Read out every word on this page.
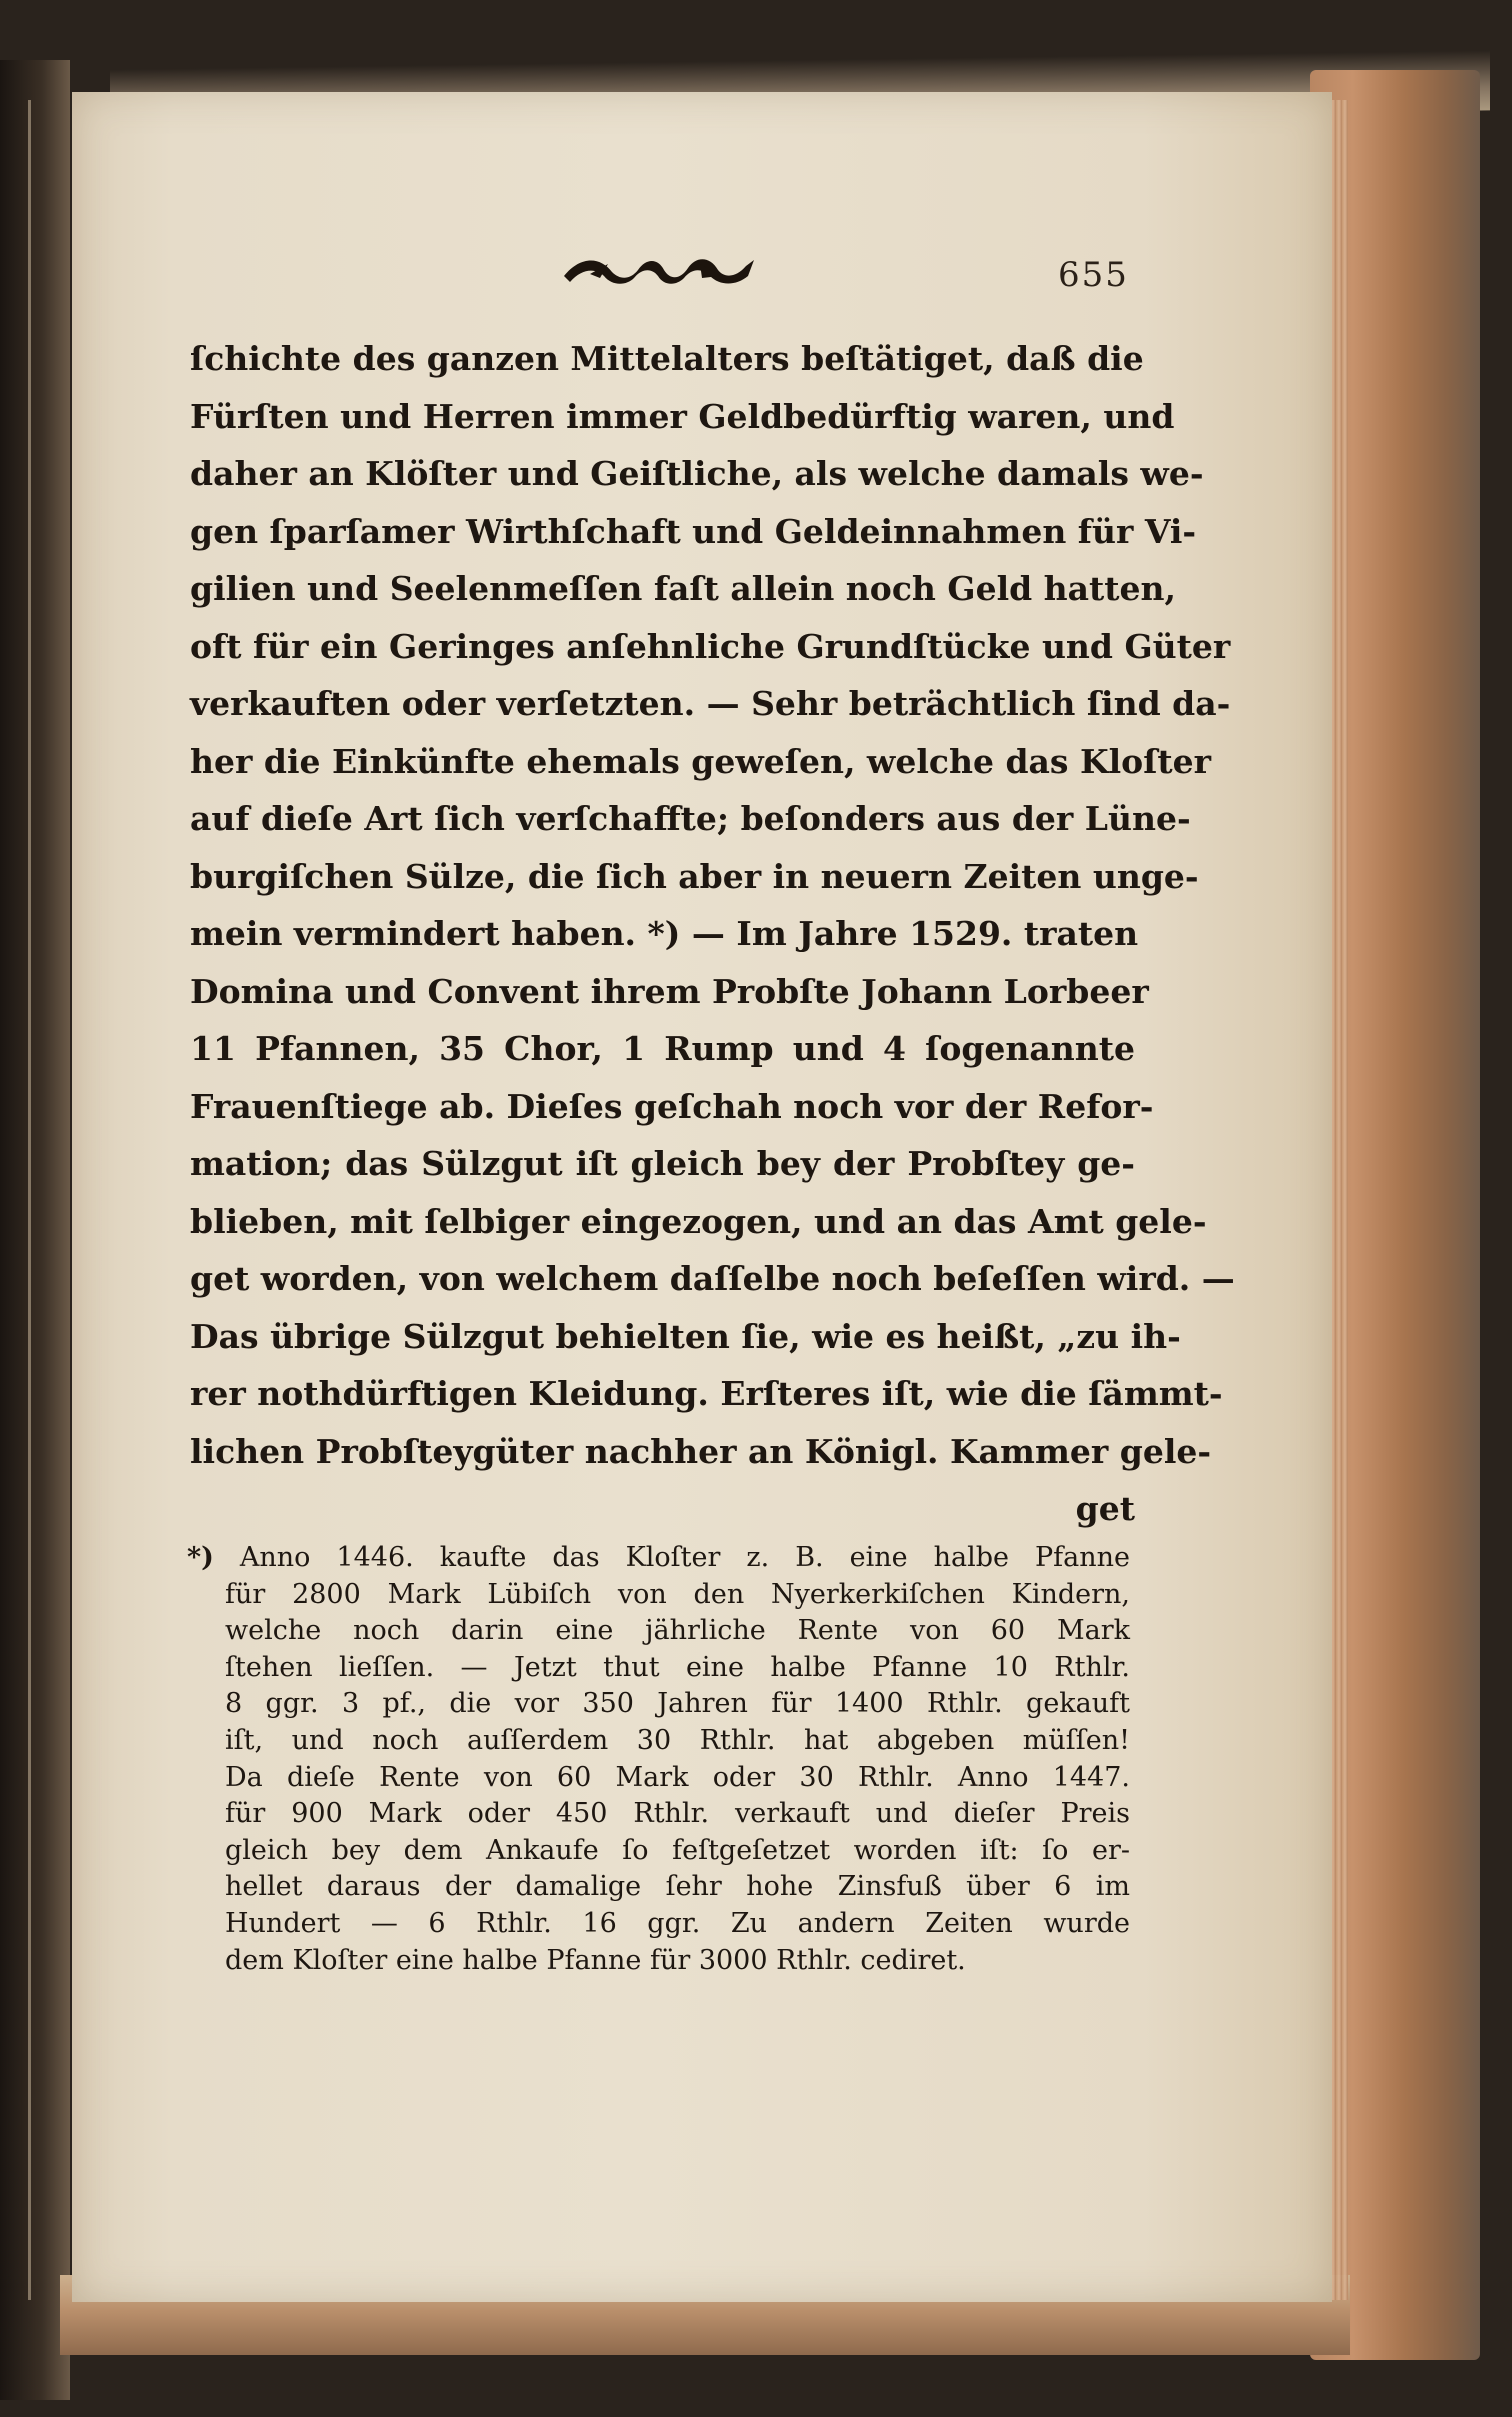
655
ſchichte des ganzen Mittelalters beſtätiget, daß die
Fürſten und Herren immer Geldbedürftig waren, und
daher an Klöſter und Geiſtliche, als welche damals we-
gen ſparſamer Wirthſchaft und Geldeinnahmen für Vi-
gilien und Seelenmeſſen faſt allein noch Geld hatten,
oft für ein Geringes anſehnliche Grundſtücke und Güter
verkauften oder verſetzten. — Sehr beträchtlich ſind da-
her die Einkünfte ehemals geweſen, welche das Kloſter
auf dieſe Art ſich verſchaffte; beſonders aus der Lüne-
burgiſchen Sülze, die ſich aber in neuern Zeiten unge-
mein vermindert haben. *) — Im Jahre 1529. traten
Domina und Convent ihrem Probſte Johann Lorbeer
11 Pfannen, 35 Chor, 1 Rump und 4 ſogenannte
Frauenſtiege ab. Dieſes geſchah noch vor der Refor-
mation; das Sülzgut iſt gleich bey der Probſtey ge-
blieben, mit ſelbiger eingezogen, und an das Amt gele-
get worden, von welchem daſſelbe noch beſeſſen wird. —
Das übrige Sülzgut behielten ſie, wie es heißt, „zu ih-
rer nothdürftigen Kleidung. Erſteres iſt, wie die ſämmt-
lichen Probſteygüter nachher an Königl. Kammer gele-
get
*) Anno 1446. kaufte das Kloſter z. B. eine halbe Pfanne
für 2800 Mark Lübiſch von den Nyerkerkiſchen Kindern,
welche noch darin eine jährliche Rente von 60 Mark
ſtehen lieſſen. — Jetzt thut eine halbe Pfanne 10 Rthlr.
8 ggr. 3 pf., die vor 350 Jahren für 1400 Rthlr. gekauft
iſt, und noch auſſerdem 30 Rthlr. hat abgeben müſſen!
Da dieſe Rente von 60 Mark oder 30 Rthlr. Anno 1447.
für 900 Mark oder 450 Rthlr. verkauft und dieſer Preis
gleich bey dem Ankaufe ſo feſtgeſetzet worden iſt: ſo er-
hellet daraus der damalige ſehr hohe Zinsfuß über 6 im
Hundert — 6 Rthlr. 16 ggr. Zu andern Zeiten wurde
dem Kloſter eine halbe Pfanne für 3000 Rthlr. cediret.
